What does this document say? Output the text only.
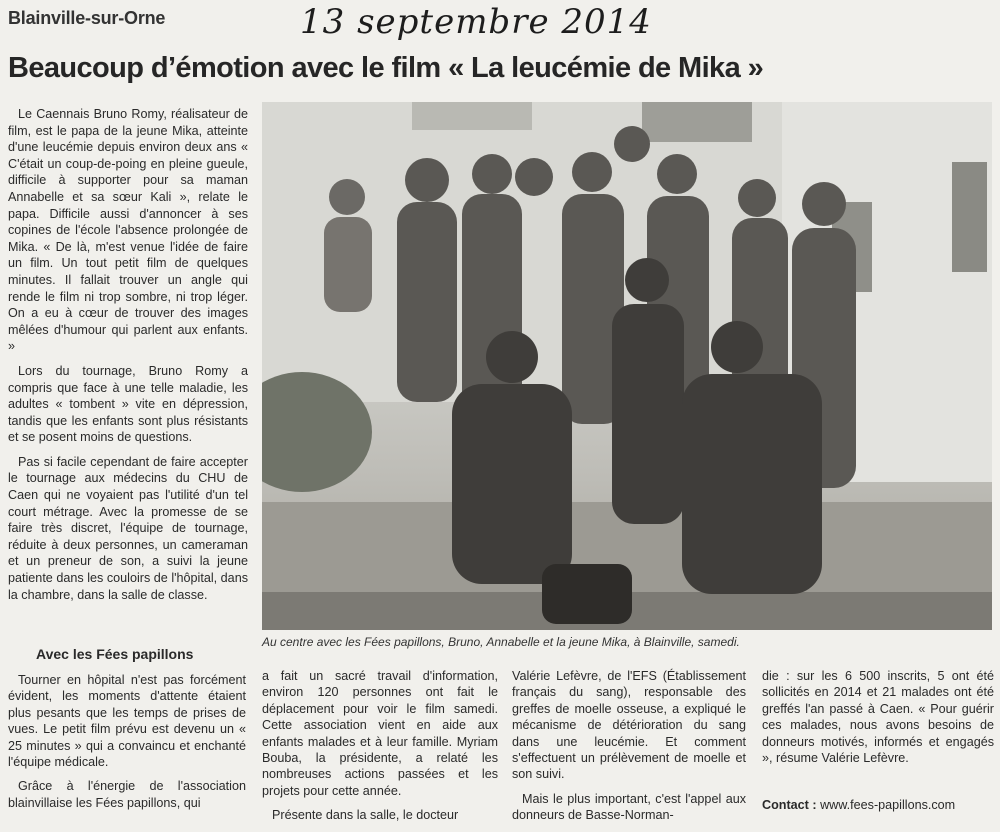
Blainville-sur-Orne	13 septembre 2014
Beaucoup d’émotion avec le film « La leucémie de Mika »

Le Caennais Bruno Romy, réalisateur de film, est le papa de la jeune Mika, atteinte d'une leucémie depuis environ deux ans « C'était un coup-de-poing en pleine gueule, difficile à supporter pour sa maman Annabelle et sa sœur Kali », relate le papa. Difficile aussi d'annoncer à ses copines de l'école l'absence prolongée de Mika. « De là, m'est venue l'idée de faire un film. Un tout petit film de quelques minutes. Il fallait trouver un angle qui rende le film ni trop sombre, ni trop léger. On a eu à cœur de trouver des images mêlées d'humour qui parlent aux enfants. »

Lors du tournage, Bruno Romy a compris que face à une telle maladie, les adultes « tombent » vite en dépression, tandis que les enfants sont plus résistants et se posent moins de questions.

Pas si facile cependant de faire accepter le tournage aux médecins du CHU de Caen qui ne voyaient pas l'utilité d'un tel court métrage. Avec la promesse de se faire très discret, l'équipe de tournage, réduite à deux personnes, un cameraman et un preneur de son, a suivi la jeune patiente dans les couloirs de l'hôpital, dans la chambre, dans la salle de classe.

Au centre avec les Fées papillons, Bruno, Annabelle et la jeune Mika, à Blainville, samedi.
Avec les Fées papillons

Tourner en hôpital n'est pas forcément évident, les moments d'attente étaient plus pesants que les temps de prises de vues. Le petit film prévu est devenu un « 25 minutes » qui a convaincu et enchanté l'équipe médicale.

Grâce à l'énergie de l'association blainvillaise les Fées papillons, qui

a fait un sacré travail d'information, environ 120 personnes ont fait le déplacement pour voir le film samedi. Cette association vient en aide aux enfants malades et à leur famille. Myriam Bouba, la présidente, a relaté les nombreuses actions passées et les projets pour cette année.

Présente dans la salle, le docteur

Valérie Lefèvre, de l'EFS (Établissement français du sang), responsable des greffes de moelle osseuse, a expliqué le mécanisme de détérioration du sang dans une leucémie. Et comment s'effectuent un prélèvement de moelle et son suivi.

Mais le plus important, c'est l'appel aux donneurs de Basse-Norman-

die : sur les 6 500 inscrits, 5 ont été sollicités en 2014 et 21 malades ont été greffés l'an passé à Caen. « Pour guérir ces malades, nous avons besoins de donneurs motivés, informés et engagés », résume Valérie Lefèvre.

Contact : www.fees-papillons.com
